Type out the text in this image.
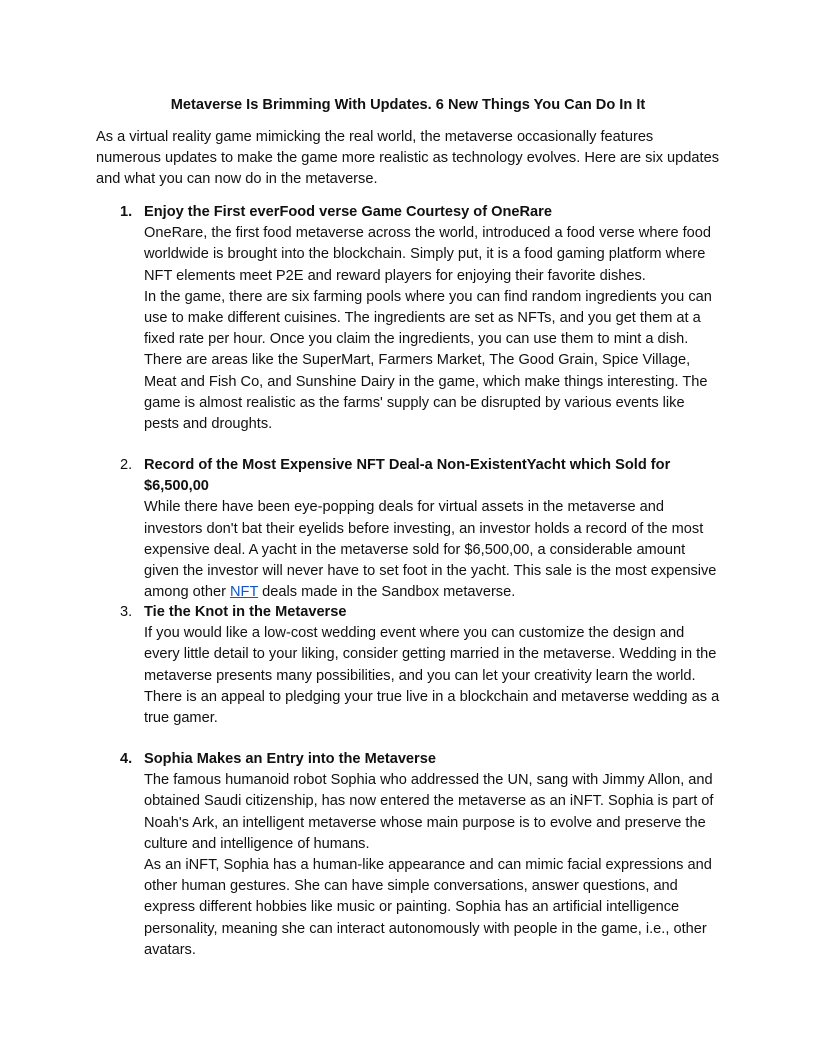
Metaverse Is Brimming With Updates. 6 New Things You Can Do In It

As a virtual reality game mimicking the real world, the metaverse occasionally features numerous updates to make the game more realistic as technology evolves. Here are six updates and what you can now do in the metaverse.

1. Enjoy the First everFood verse Game Courtesy of OneRare

OneRare, the first food metaverse across the world, introduced a food verse where food worldwide is brought into the blockchain. Simply put, it is a food gaming platform where NFT elements meet P2E and reward players for enjoying their favorite dishes.

In the game, there are six farming pools where you can find random ingredients you can use to make different cuisines. The ingredients are set as NFTs, and you get them at a fixed rate per hour. Once you claim the ingredients, you can use them to mint a dish. There are areas like the SuperMart, Farmers Market, The Good Grain, Spice Village, Meat and Fish Co, and Sunshine Dairy in the game, which make things interesting. The game is almost realistic as the farms' supply can be disrupted by various events like pests and droughts.

2. Record of the Most Expensive NFT Deal-a Non-ExistentYacht which Sold for $6,500,00

While there have been eye-popping deals for virtual assets in the metaverse and investors don't bat their eyelids before investing, an investor holds a record of the most expensive deal. A yacht in the metaverse sold for $6,500,00, a considerable amount given the investor will never have to set foot in the yacht. This sale is the most expensive among other NFT deals made in the Sandbox metaverse.

3. Tie the Knot in the Metaverse

If you would like a low-cost wedding event where you can customize the design and every little detail to your liking, consider getting married in the metaverse. Wedding in the metaverse presents many possibilities, and you can let your creativity learn the world. There is an appeal to pledging your true live in a blockchain and metaverse wedding as a true gamer.

4. Sophia Makes an Entry into the Metaverse

The famous humanoid robot Sophia who addressed the UN, sang with Jimmy Allon, and obtained Saudi citizenship, has now entered the metaverse as an iNFT. Sophia is part of Noah's Ark, an intelligent metaverse whose main purpose is to evolve and preserve the culture and intelligence of humans.

As an iNFT, Sophia has a human-like appearance and can mimic facial expressions and other human gestures. She can have simple conversations, answer questions, and express different hobbies like music or painting. Sophia has an artificial intelligence personality, meaning she can interact autonomously with people in the game, i.e., other avatars.
